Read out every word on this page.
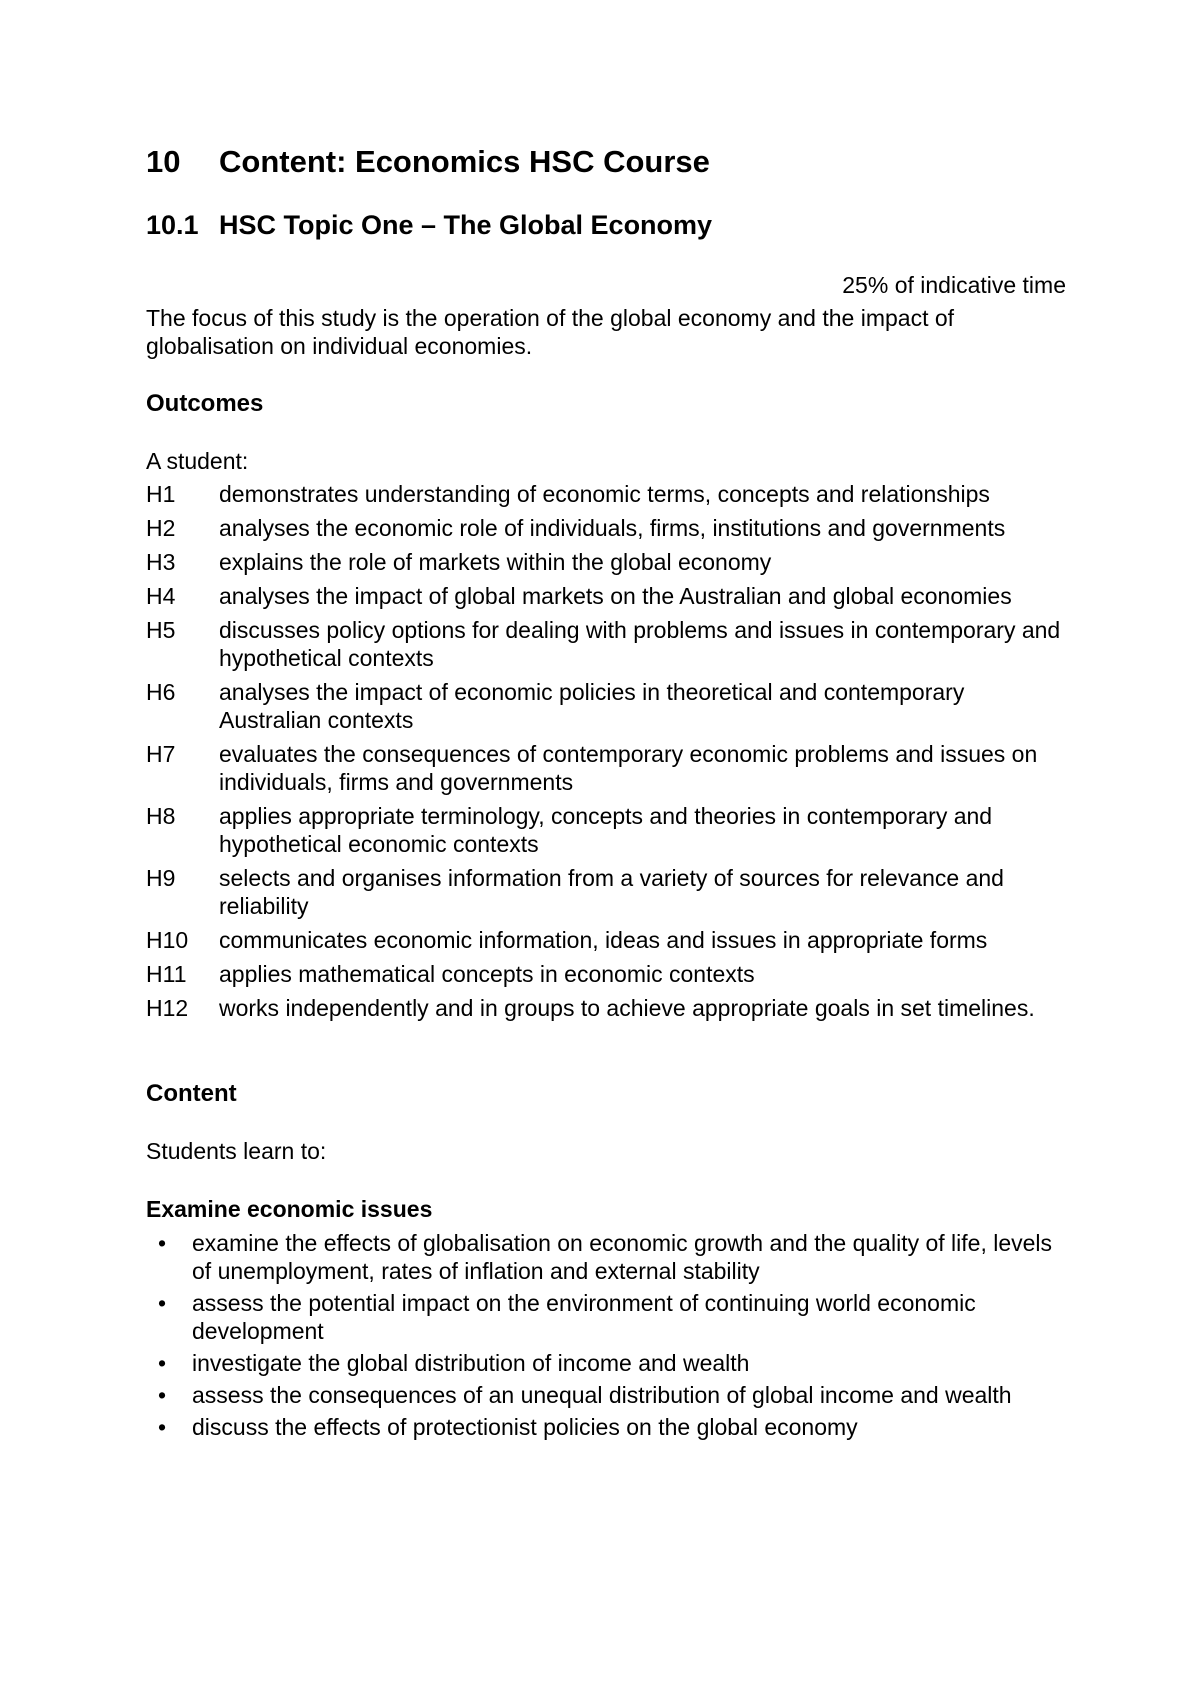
10 Content: Economics HSC Course
10.1 HSC Topic One – The Global Economy
25% of indicative time
The focus of this study is the operation of the global economy and the impact of globalisation on individual economies.
Outcomes
A student:
H1	demonstrates understanding of economic terms, concepts and relationships
H2	analyses the economic role of individuals, firms, institutions and governments
H3	explains the role of markets within the global economy
H4	analyses the impact of global markets on the Australian and global economies
H5	discusses policy options for dealing with problems and issues in contemporary and hypothetical contexts
H6	analyses the impact of economic policies in theoretical and contemporary Australian contexts
H7	evaluates the consequences of contemporary economic problems and issues on individuals, firms and governments
H8	applies appropriate terminology, concepts and theories in contemporary and hypothetical economic contexts
H9	selects and organises information from a variety of sources for relevance and reliability
H10	communicates economic information, ideas and issues in appropriate forms
H11	applies mathematical concepts in economic contexts
H12	works independently and in groups to achieve appropriate goals in set timelines.
Content
Students learn to:
Examine economic issues
•	examine the effects of globalisation on economic growth and the quality of life, levels of unemployment, rates of inflation and external stability
•	assess the potential impact on the environment of continuing world economic development
•	investigate the global distribution of income and wealth
•	assess the consequences of an unequal distribution of global income and wealth
•	discuss the effects of protectionist policies on the global economy
